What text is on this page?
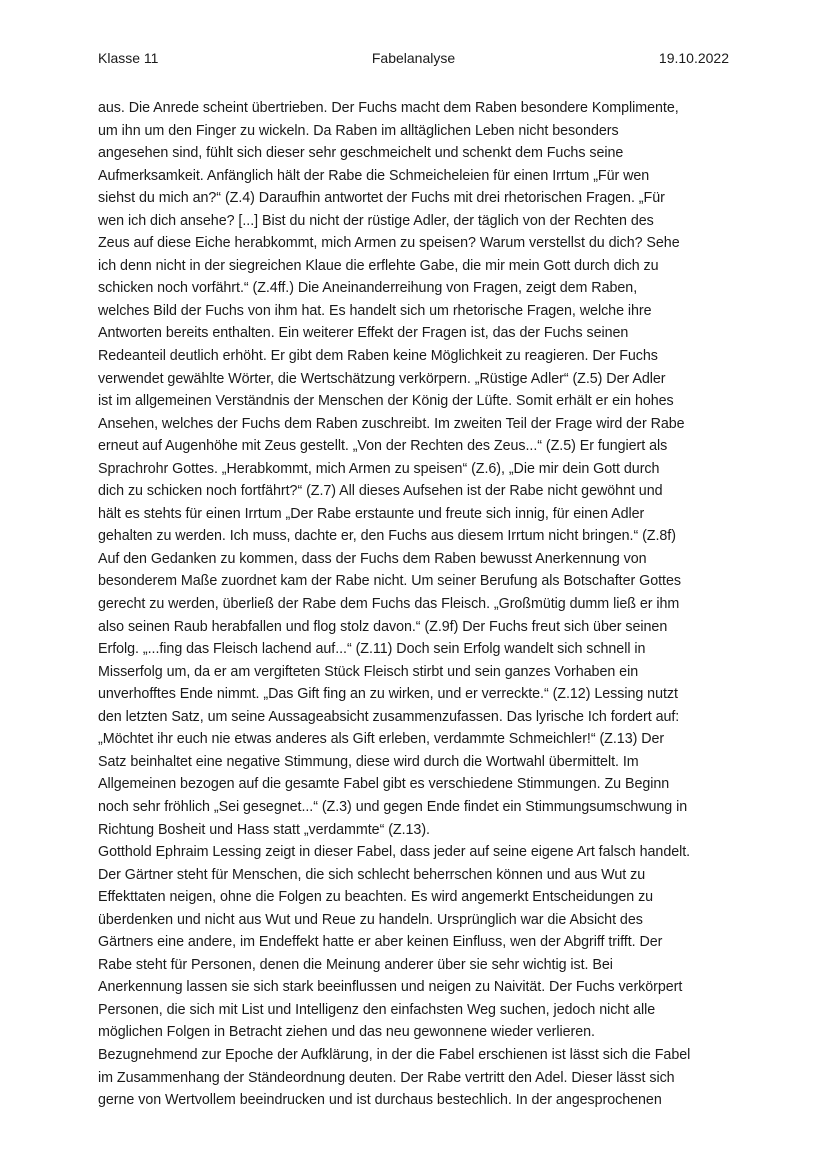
Klasse 11	Fabelanalyse	19.10.2022
aus. Die Anrede scheint übertrieben. Der Fuchs macht dem Raben besondere Komplimente,
um ihn um den Finger zu wickeln. Da Raben im alltäglichen Leben nicht besonders
angesehen sind, fühlt sich dieser sehr geschmeichelt und schenkt dem Fuchs seine
Aufmerksamkeit. Anfänglich hält der Rabe die Schmeicheleien für einen Irrtum „Für wen
siehst du mich an?“ (Z.4) Daraufhin antwortet der Fuchs mit drei rhetorischen Fragen. „Für
wen ich dich ansehe? [...] Bist du nicht der rüstige Adler, der täglich von der Rechten des
Zeus auf diese Eiche herabkommt, mich Armen zu speisen? Warum verstellst du dich? Sehe
ich denn nicht in der siegreichen Klaue die erflehte Gabe, die mir mein Gott durch dich zu
schicken noch vorfährt.“ (Z.4ff.) Die Aneinanderreihung von Fragen, zeigt dem Raben,
welches Bild der Fuchs von ihm hat. Es handelt sich um rhetorische Fragen, welche ihre
Antworten bereits enthalten. Ein weiterer Effekt der Fragen ist, das der Fuchs seinen
Redeanteil deutlich erhöht. Er gibt dem Raben keine Möglichkeit zu reagieren. Der Fuchs
verwendet gewählte Wörter, die Wertschätzung verkörpern. „Rüstige Adler“ (Z.5) Der Adler
ist im allgemeinen Verständnis der Menschen der König der Lüfte. Somit erhält er ein hohes
Ansehen, welches der Fuchs dem Raben zuschreibt. Im zweiten Teil der Frage wird der Rabe
erneut auf Augenhöhe mit Zeus gestellt. „Von der Rechten des Zeus...“ (Z.5) Er fungiert als
Sprachrohr Gottes. „Herabkommt, mich Armen zu speisen“ (Z.6), „Die mir dein Gott durch
dich zu schicken noch fortfährt?“ (Z.7) All dieses Aufsehen ist der Rabe nicht gewöhnt und
hält es stehts für einen Irrtum „Der Rabe erstaunte und freute sich innig, für einen Adler
gehalten zu werden. Ich muss, dachte er, den Fuchs aus diesem Irrtum nicht bringen.“ (Z.8f)
Auf den Gedanken zu kommen, dass der Fuchs dem Raben bewusst Anerkennung von
besonderem Maße zuordnet kam der Rabe nicht. Um seiner Berufung als Botschafter Gottes
gerecht zu werden, überließ der Rabe dem Fuchs das Fleisch. „Großmütig dumm ließ er ihm
also seinen Raub herabfallen und flog stolz davon.“ (Z.9f) Der Fuchs freut sich über seinen
Erfolg. „...fing das Fleisch lachend auf...“ (Z.11) Doch sein Erfolg wandelt sich schnell in
Misserfolg um, da er am vergifteten Stück Fleisch stirbt und sein ganzes Vorhaben ein
unverhofftes Ende nimmt. „Das Gift fing an zu wirken, und er verreckte.“ (Z.12) Lessing nutzt
den letzten Satz, um seine Aussageabsicht zusammenzufassen. Das lyrische Ich fordert auf:
„Möchtet ihr euch nie etwas anderes als Gift erleben, verdammte Schmeichler!“ (Z.13) Der
Satz beinhaltet eine negative Stimmung, diese wird durch die Wortwahl übermittelt. Im
Allgemeinen bezogen auf die gesamte Fabel gibt es verschiedene Stimmungen. Zu Beginn
noch sehr fröhlich „Sei gesegnet...“ (Z.3) und gegen Ende findet ein Stimmungsumschwung in
Richtung Bosheit und Hass statt „verdammte“ (Z.13).
Gotthold Ephraim Lessing zeigt in dieser Fabel, dass jeder auf seine eigene Art falsch handelt.
Der Gärtner steht für Menschen, die sich schlecht beherrschen können und aus Wut zu
Effekttaten neigen, ohne die Folgen zu beachten. Es wird angemerkt Entscheidungen zu
überdenken und nicht aus Wut und Reue zu handeln. Ursprünglich war die Absicht des
Gärtners eine andere, im Endeffekt hatte er aber keinen Einfluss, wen der Abgriff trifft. Der
Rabe steht für Personen, denen die Meinung anderer über sie sehr wichtig ist. Bei
Anerkennung lassen sie sich stark beeinflussen und neigen zu Naivität. Der Fuchs verkörpert
Personen, die sich mit List und Intelligenz den einfachsten Weg suchen, jedoch nicht alle
möglichen Folgen in Betracht ziehen und das neu gewonnene wieder verlieren.
Bezugnehmend zur Epoche der Aufklärung, in der die Fabel erschienen ist lässt sich die Fabel
im Zusammenhang der Ständeordnung deuten. Der Rabe vertritt den Adel. Dieser lässt sich
gerne von Wertvollem beeindrucken und ist durchaus bestechlich. In der angesprochenen
